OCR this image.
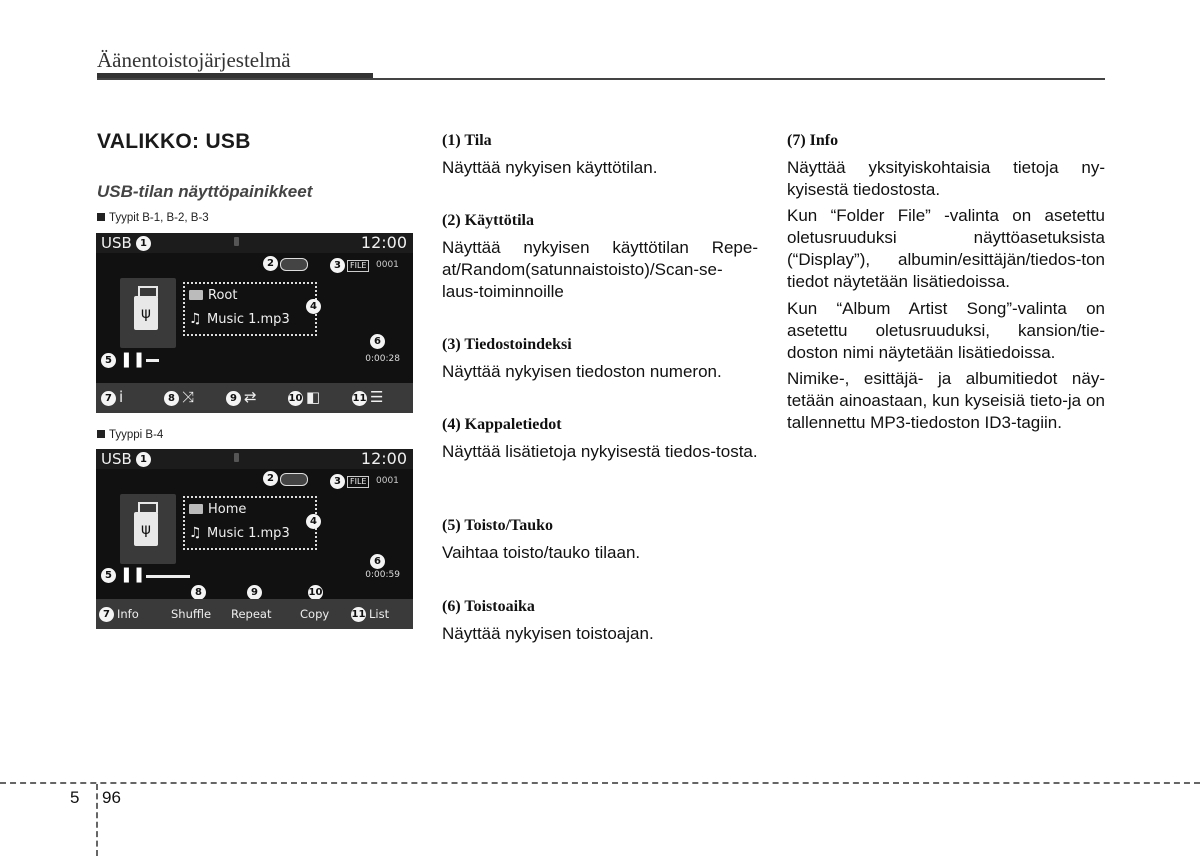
Äänentoistojärjestelmä
VALIKKO: USB
USB-tilan näyttöpainikkeet
Tyypit B-1, B-2, B-3
USB 1	12:00
2	3	FILE	0001
ψ
Root
♫ Music 1.mp3
4
6
5 ❚❚	0:00:28
7 i	8 ⤨	9 ⇄	10 ◧	11 ☰
Tyyppi B-4
USB 1	12:00
2	3	FILE	0001
ψ
Home
♫ Music 1.mp3
4
6
5 ❚❚	0:00:59
8	9	10
7 Info	Shuffle Repeat Copy 11 List
(1) Tila
Näyttää nykyisen käyttötilan.
(2) Käyttötila
Näyttää nykyisen käyttötilan Repe-at/Random(satunnaistoisto)/Scan-se-laus-toiminnoille
(3) Tiedostoindeksi
Näyttää nykyisen tiedoston numeron.
(4) Kappaletiedot
Näyttää lisätietoja nykyisestä tiedos-tosta.
(5) Toisto/Tauko
Vaihtaa toisto/tauko tilaan.
(6) Toistoaika
Näyttää nykyisen toistoajan.
(7) Info
Näyttää yksityiskohtaisia tietoja ny-kyisestä tiedostosta.
Kun “Folder File” -valinta on asetettu oletusruuduksi näyttöasetuksista (“Display”), albumin/esittäjän/tiedos-ton tiedot näytetään lisätiedoissa.
Kun “Album Artist Song”-valinta on asetettu oletusruuduksi, kansion/tie-doston nimi näytetään lisätiedoissa.
Nimike-, esittäjä- ja albumitiedot näy-tetään ainoastaan, kun kyseisiä tieto-ja on tallennettu MP3-tiedoston ID3-tagiin.
5 96
